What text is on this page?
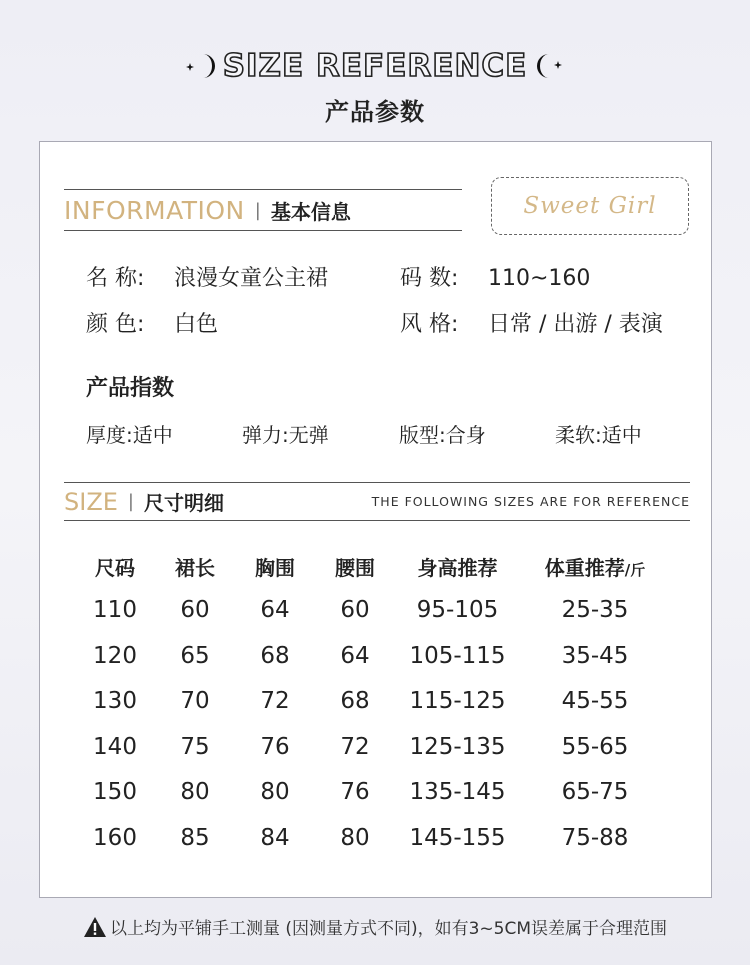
SIZE REFERENCE
产品参数
INFORMATION | 基本信息	Sweet Girl
名 称: 浪漫女童公主裙	码 数: 110~160
颜 色: 白色	风 格: 日常 / 出游 / 表演
产品指数
厚度:适中	弹力:无弹	版型:合身	柔软:适中
SIZE | 尺寸明细	THE FOLLOWING SIZES ARE FOR REFERENCE
尺码	裙长	胸围	腰围	身高推荐	体重推荐/斤
110	60	64	60	95-105	25-35
120	65	68	64	105-115	35-45
130	70	72	68	115-125	45-55
140	75	76	72	125-135	55-65
150	80	80	76	135-145	65-75
160	85	84	80	145-155	75-88
以上均为平铺手工测量 (因测量方式不同)，如有3~5CM误差属于合理范围
